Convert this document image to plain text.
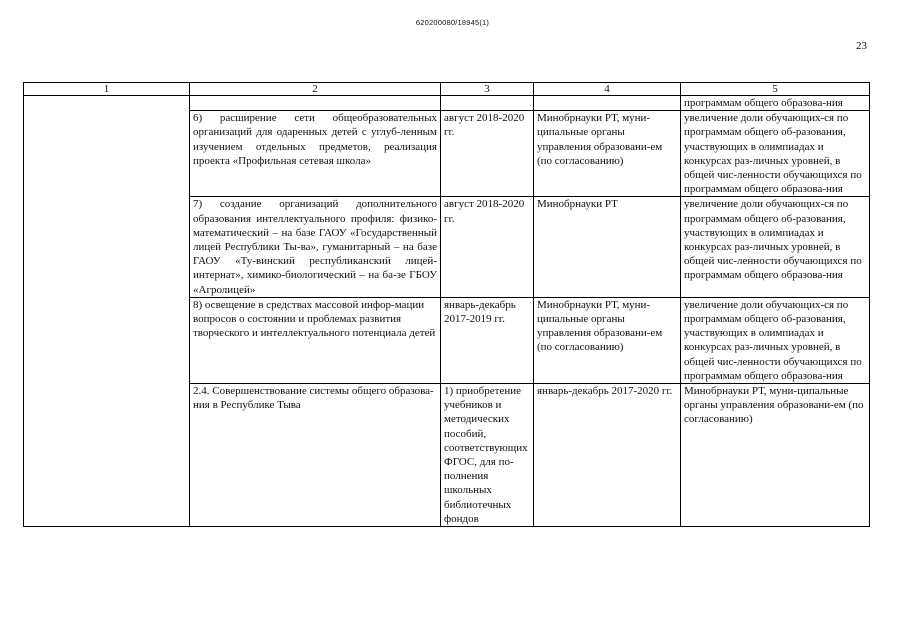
620200080/18945(1)
23
1	2	3	4	5	

				программам общего образова-ния	

	6) расширение сети общеобразовательных организаций для одаренных детей с углуб-ленным изучением отдельных предметов, реализация проекта «Профильная сетевая школа»	август 2018-2020 гг.	Минобрнауки РТ, муни-ципальные органы управления образовани-ем (по согласованию)	увеличение доли обучающих-ся по программам общего об-разования, участвующих в олимпиадах и конкурсах раз-личных уровней, в общей чис-ленности обучающихся по программам общего образова-ния	

	7) создание организаций дополнительного образования интеллектуального профиля: физико-математический – на базе ГАОУ «Государственный лицей Республики Ты-ва», гуманитарный – на базе ГАОУ «Ту-винский республиканский лицей-интернат», химико-биологический – на ба-зе ГБОУ «Агролицей»	август 2018-2020 гг.	Минобрнауки РТ	увеличение доли обучающих-ся по программам общего об-разования, участвующих в олимпиадах и конкурсах раз-личных уровней, в общей чис-ленности обучающихся по программам общего образова-ния	

	8) освещение в средствах массовой инфор-мации вопросов о состоянии и проблемах развития творческого и интеллектуального потенциала детей	январь-декабрь 2017-2019 гг.	Минобрнауки РТ, муни-ципальные органы управления образовани-ем (по согласованию)	увеличение доли обучающих-ся по программам общего об-разования, участвующих в олимпиадах и конкурсах раз-личных уровней, в общей чис-ленности обучающихся по программам общего образова-ния	

	2.4. Совершенствование системы общего образова-ния в Республике Тыва	1) приобретение учебников и методических пособий, соответствующих ФГОС, для по-полнения школьных библиотечных фондов	январь-декабрь 2017-2020 гг.	Минобрнауки РТ, муни-ципальные органы управления образовани-ем (по согласованию)	
